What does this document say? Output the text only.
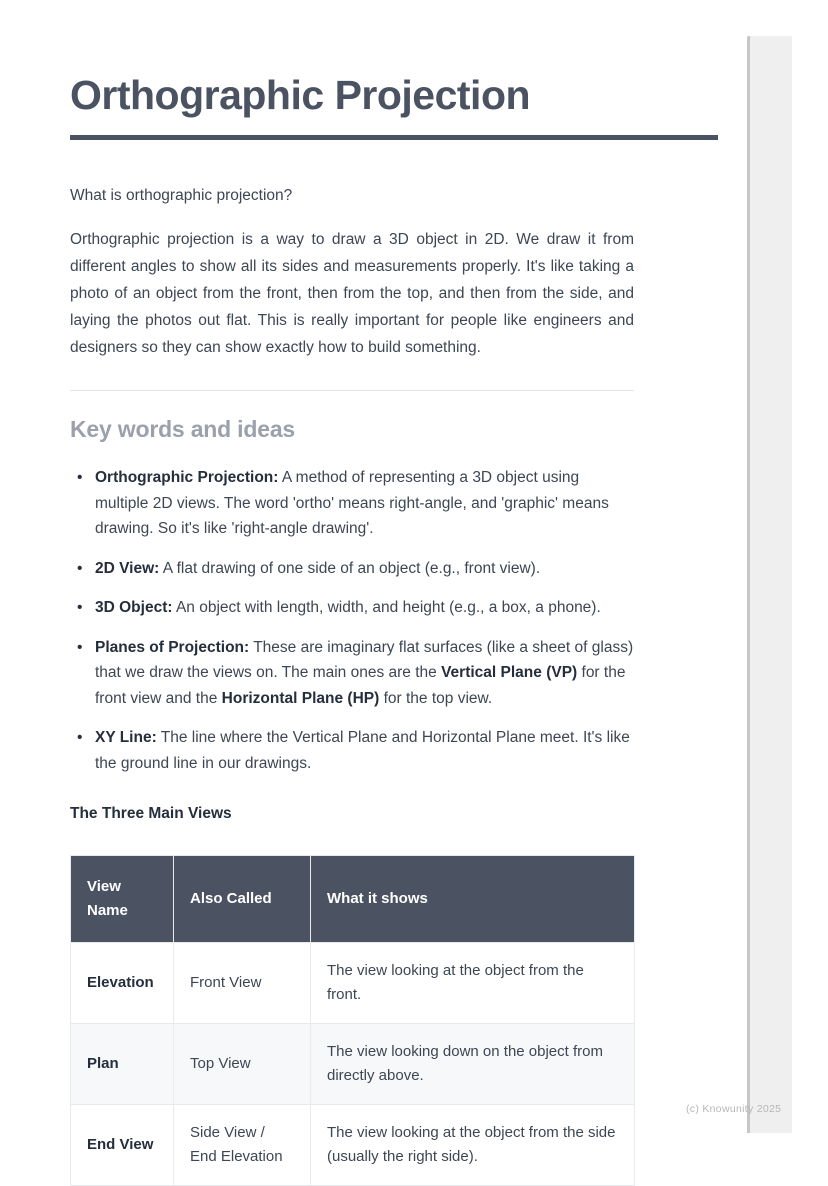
Orthographic Projection

What is orthographic projection?

Orthographic projection is a way to draw a 3D object in 2D. We draw it from different angles to show all its sides and measurements properly. It's like taking a photo of an object from the front, then from the top, and then from the side, and laying the photos out flat. This is really important for people like engineers and designers so they can show exactly how to build something.

Key words and ideas
• Orthographic Projection: A method of representing a 3D object using multiple 2D views. The word 'ortho' means right-angle, and 'graphic' means drawing. So it's like 'right-angle drawing'.
• 2D View: A flat drawing of one side of an object (e.g., front view).
• 3D Object: An object with length, width, and height (e.g., a box, a phone).
• Planes of Projection: These are imaginary flat surfaces (like a sheet of glass) that we draw the views on. The main ones are the Vertical Plane (VP) for the front view and the Horizontal Plane (HP) for the top view.
• XY Line: The line where the Vertical Plane and Horizontal Plane meet. It's like the ground line in our drawings.

The Three Main Views

View Name	Also Called	What it shows
Elevation	Front View	The view looking at the object from the front.
Plan	Top View	The view looking down on the object from directly above.
End View	Side View / End Elevation	The view looking at the object from the side (usually the right side).
(c) Knowunity 2025
